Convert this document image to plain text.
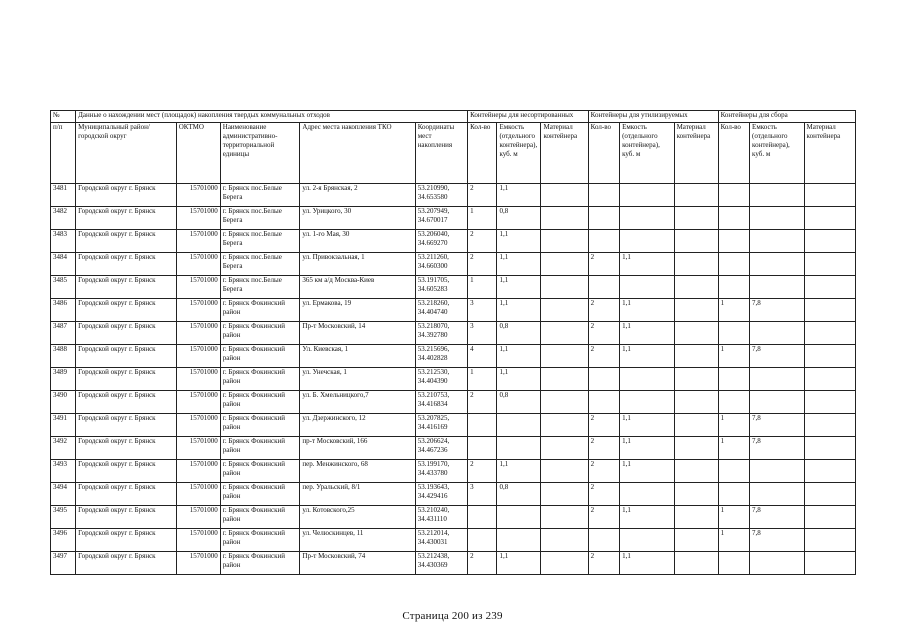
№	Данные о нахождении мест (площадок) накопления твердых коммунальных отходов					Контейнеры для несортированных			Контейнеры для утилизируемых			Контейнеры для сбора		
п/п	Муниципальный район/городской округ	ОКТМО	Наименование административно-территориальной единицы	Адрес места накопления ТКО	Координаты мест накопления	Кол-во	Емкость (отдельного контейнера), куб. м	Материал контейнера	Кол-во	Емкость (отдельного контейнера), куб. м	Материал контейнера	Кол-во	Емкость (отдельного контейнера), куб. м	Материал контейнера
3481	Городской округ г. Брянск	15701000	г. Брянск пос.Белые Берега	ул. 2-я Брянская, 2	53.210990, 34.653580	2	1,1							
3482	Городской округ г. Брянск	15701000	г. Брянск пос.Белые Берега	ул. Урицкого, 30	53.207949, 34.670017	1	0,8							
3483	Городской округ г. Брянск	15701000	г. Брянск пос.Белые Берега	ул. 1-го Мая, 30	53.206040, 34.669270	2	1,1							
3484	Городской округ г. Брянск	15701000	г. Брянск пос.Белые Берега	ул. Привокзальная, 1	53.211260, 34.660300	2	1,1		2	1,1				
3485	Городской округ г. Брянск	15701000	г. Брянск пос.Белые Берега	365 км а/д Москва-Киев	53.191705, 34.605283	1	1,1							
3486	Городской округ г. Брянск	15701000	г. Брянск Фокинский район	ул. Ермакова, 19	53.218260, 34.404740	3	1,1		2	1,1		1	7,8	
3487	Городской округ г. Брянск	15701000	г. Брянск Фокинский район	Пр-т Московский, 14	53.218070, 34.392780	3	0,8		2	1,1				
3488	Городской округ г. Брянск	15701000	г. Брянск Фокинский район	Ул. Киевская, 1	53.215696, 34.402828	4	1,1		2	1,1		1	7,8	
3489	Городской округ г. Брянск	15701000	г. Брянск Фокинский район	ул. Унечская, 1	53.212530, 34.404390	1	1,1							
3490	Городской округ г. Брянск	15701000	г. Брянск Фокинский район	ул. Б. Хмельницкого,7	53.210753, 34.416834	2	0,8							
3491	Городской округ г. Брянск	15701000	г. Брянск Фокинский район	ул. Дзержинского, 12	53.207825, 34.416169				2	1,1		1	7,8	
3492	Городской округ г. Брянск	15701000	г. Брянск Фокинский район	пр-т Московский, 166	53.206624, 34.467236				2	1,1		1	7,8	
3493	Городской округ г. Брянск	15701000	г. Брянск Фокинский район	пер. Менжинского, 68	53.199170, 34.433780	2	1,1		2	1,1				
3494	Городской округ г. Брянск	15701000	г. Брянск Фокинский район	пер. Уральский, 8/1	53.193643, 34.429416	3	0,8		2					
3495	Городской округ г. Брянск	15701000	г. Брянск Фокинский район	ул. Котовского,25	53.210240, 34.431110				2	1,1		1	7,8	
3496	Городской округ г. Брянск	15701000	г. Брянск Фокинский район	ул. Челюскинцев, 11	53.212014, 34.430031							1	7,8	
3497	Городской округ г. Брянск	15701000	г. Брянск Фокинский район	Пр-т Московский, 74	53.212438, 34.430369	2	1,1		2	1,1				
Страница 200 из 239
